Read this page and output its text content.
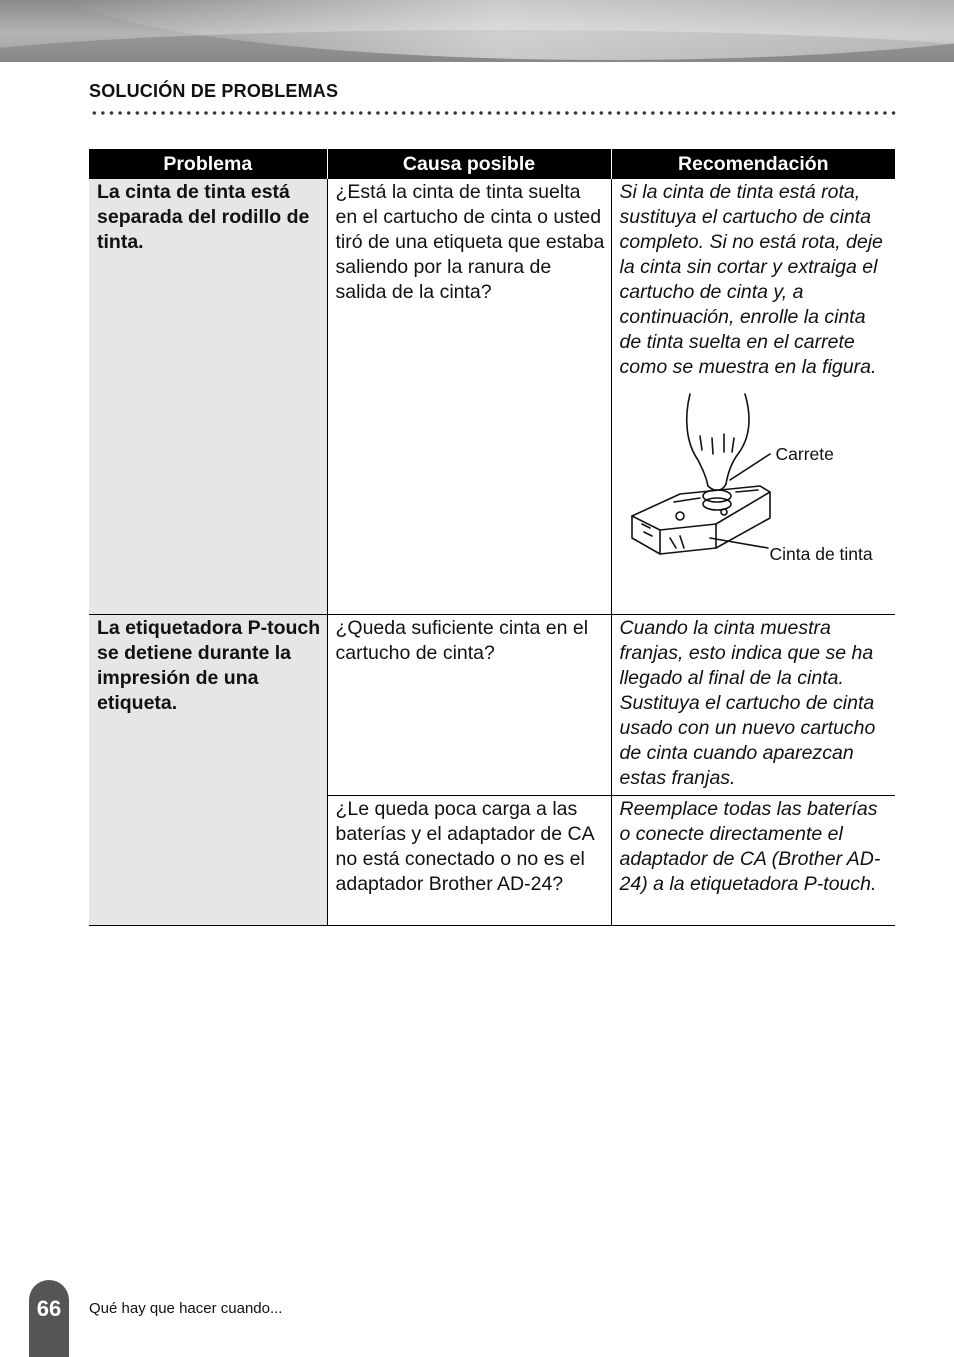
SOLUCIÓN DE PROBLEMAS
Problema	Causa posible	Recomendación
La cinta de tinta está separada del rodillo de tinta.	¿Está la cinta de tinta suelta en el cartucho de cinta o usted tiró de una etiqueta que estaba saliendo por la ranura de salida de la cinta?	Si la cinta de tinta está rota, sustituya el cartucho de cinta completo. Si no está rota, deje la cinta sin cortar y extraiga el cartucho de cinta y, a continuación, enrolle la cinta de tinta suelta en el carrete como se muestra en la figura.
Carrete
Cinta de tinta

La etiquetadora P-touch se detiene durante la impresión de una etiqueta.	¿Queda suficiente cinta en el cartucho de cinta?	Cuando la cinta muestra franjas, esto indica que se ha llegado al final de la cinta. Sustituya el cartucho de cinta usado con un nuevo cartucho de cinta cuando aparezcan estas franjas.
	¿Le queda poca carga a las baterías y el adaptador de CA no está conectado o no es el adaptador Brother AD-24?	Reemplace todas las baterías o conecte directamente el adaptador de CA (Brother AD-24) a la etiquetadora P-touch.
66	Qué hay que hacer cuando...
